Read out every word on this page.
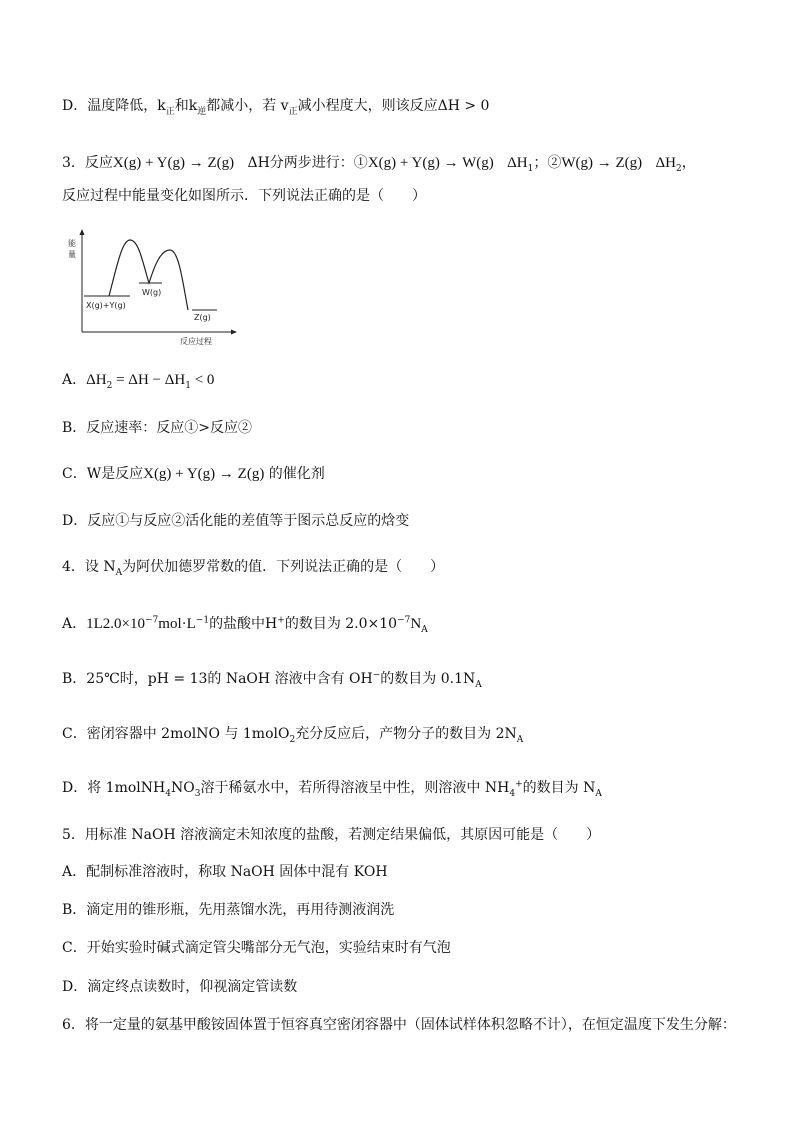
D．温度降低，$k_正$和$k_逆$都减小，若 $v_正$减小程度大，则该反应ΔH > 0
3．反应X(g) + Y(g) → Z(g) ΔH分两步进行：①X(g) + Y(g) → W(g) $\Delta H_1$；②W(g) → Z(g) $\Delta H_2$，
反应过程中能量变化如图所示．下列说法正确的是（　　）
能
量
X(g)+Y(g)
W(g)
Z(g)
反应过程
A．$\Delta H_2 = \Delta H - \Delta H_1 < 0$
B．反应速率：反应①>反应②
C．W是反应X(g) + Y(g) → Z(g) 的催化剂
D．反应①与反应②活化能的差值等于图示总反应的焓变
4．设 $N_A$为阿伏加德罗常数的值．下列说法正确的是（　　）
A．$1L2.0\times 10^{-7}mol\cdot L^{-1}$的盐酸中H+的数目为 $2.0\times 10^{-7}N_A$
B．25℃时，pH = 13的 NaOH 溶液中含有 OH−的数目为 $0.1N_A$
C．密闭容器中 2molNO 与 1molO$_2$充分反应后，产物分子的数目为 $2N_A$
D．将 $1molNH_4NO_3$溶于稀氨水中，若所得溶液呈中性，则溶液中 $NH_4^+$的数目为 $N_A$
5．用标准 NaOH 溶液滴定未知浓度的盐酸，若测定结果偏低，其原因可能是（　　）
A．配制标准溶液时，称取 NaOH 固体中混有 KOH
B．滴定用的锥形瓶，先用蒸馏水洗，再用待测液润洗
C．开始实验时碱式滴定管尖嘴部分无气泡，实验结束时有气泡
D．滴定终点读数时，仰视滴定管读数
6．将一定量的氨基甲酸铵固体置于恒容真空密闭容器中（固体试样体积忽略不计），在恒定温度下发生分解：
